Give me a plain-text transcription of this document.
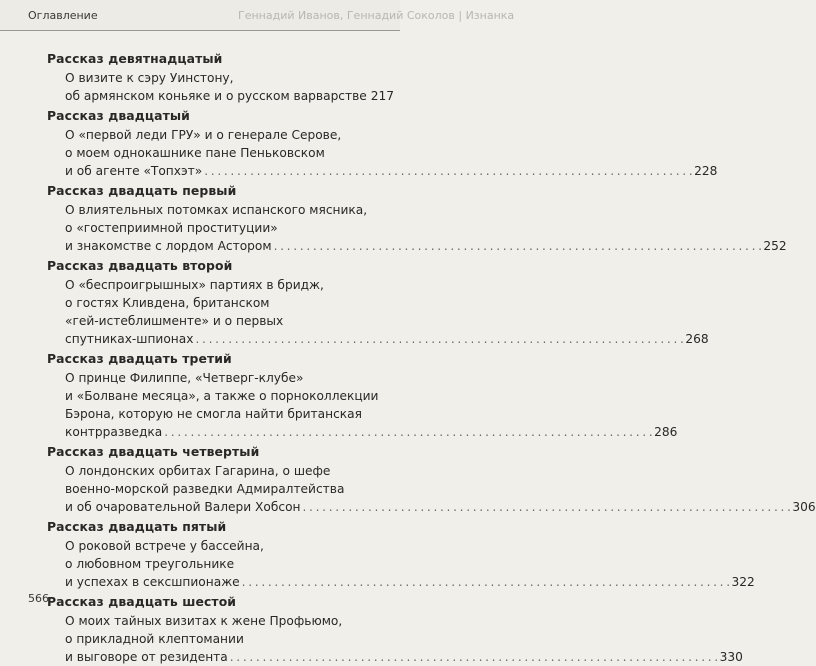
Оглавление	Геннадий Иванов, Геннадий Соколов | Изнанка
Рассказ девятнадцатый
О визите к сэру Уинстону,
об армянском коньяке и о русском варварстве 217
Рассказ двадцатый
О «первой леди ГРУ» и о генерале Серове,
о моем однокашнике пане Пеньковском
и об агенте «Топхэт» . . .	228
Рассказ двадцать первый
О влиятельных потомках испанского мясника,
о «гостеприимной проституции»
и знакомстве с лордом Астором . . .	252
Рассказ двадцать второй
О «беспроигрышных» партиях в бридж,
о гостях Кливдена, британском
«гей-истеблишменте» и о первых
спутниках-шпионах . . .	268
Рассказ двадцать третий
О принце Филиппе, «Четверг-клубе»
и «Болване месяца», а также о порноколлекции
Бэрона, которую не смогла найти британская
контрразведка . . .	286
Рассказ двадцать четвертый
О лондонских орбитах Гагарина, о шефе
военно-морской разведки Адмиралтейства
и об очаровательной Валери Хобсон . . .	306
Рассказ двадцать пятый
О роковой встрече у бассейна,
о любовном треугольнике
и успехах в сексшпионаже . . .	322
Рассказ двадцать шестой
О моих тайных визитах к жене Профьюмо,
о прикладной клептомании
и выговоре от резидента . . .	330
566
